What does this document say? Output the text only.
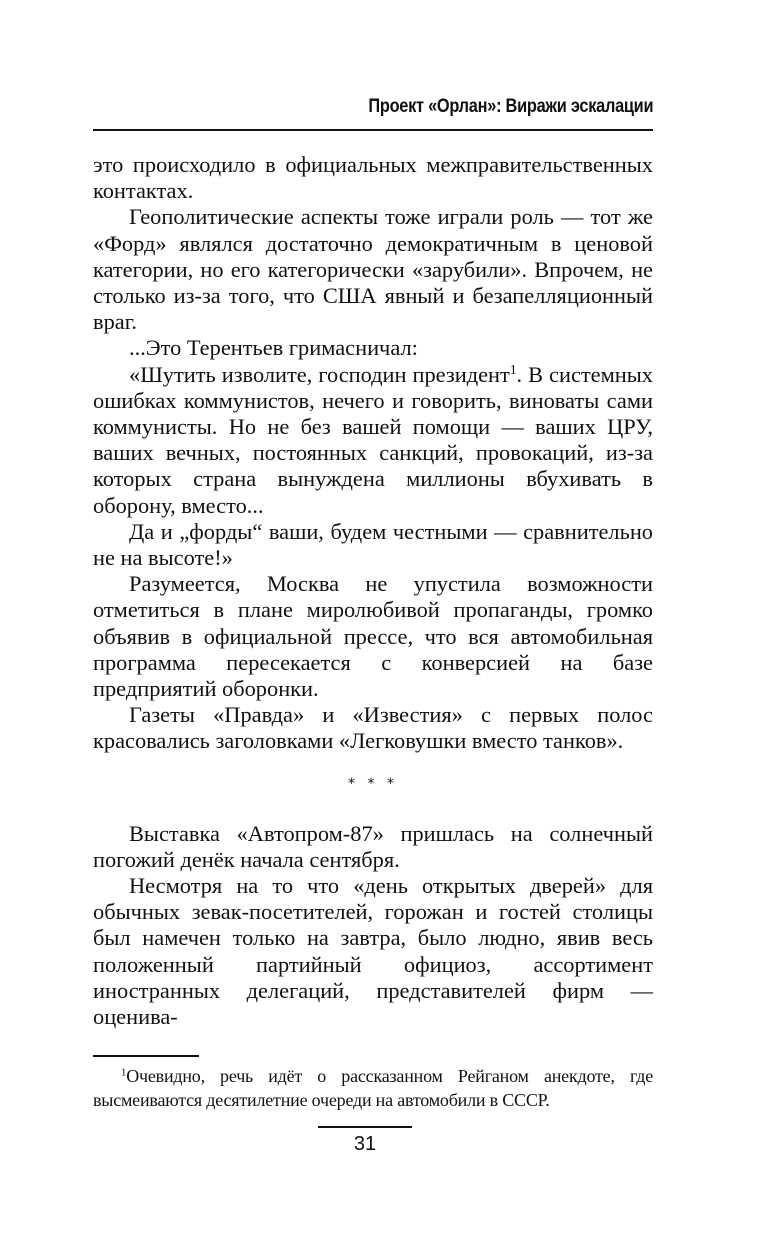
Проект «Орлан»: Виражи эскалации

это происходило в официальных межправительственных контактах.

Геополитические аспекты тоже играли роль — тот же «Форд» являлся достаточно демократичным в ценовой категории, но его категорически «зарубили». Впрочем, не столько из-за того, что США явный и безапелляционный враг.

...Это Терентьев гримасничал:

«Шутить изволите, господин президент$^1$. В системных ошибках коммунистов, нечего и говорить, виноваты сами коммунисты. Но не без вашей помощи — ваших ЦРУ, ваших вечных, постоянных санкций, провокаций, из-за которых страна вынуждена миллионы вбухивать в оборону, вместо...

Да и „форды“ ваши, будем честными — сравнительно не на высоте!»

Разумеется, Москва не упустила возможности отметиться в плане миролюбивой пропаганды, громко объявив в официальной прессе, что вся автомобильная программа пересекается с конверсией на базе предприятий оборонки.

Газеты «Правда» и «Известия» с первых полос красовались заголовками «Легковушки вместо танков».

* * *

Выставка «Автопром-87» пришлась на солнечный погожий денёк начала сентября.

Несмотря на то что «день открытых дверей» для обычных зевак-посетителей, горожан и гостей столицы был намечен только на завтра, было людно, явив весь положенный партийный официоз, ассортимент иностранных делегаций, представителей фирм — оценива-

$^1$Очевидно, речь идёт о рассказанном Рейганом анекдоте, где высмеиваются десятилетние очереди на автомобили в СССР.

31
